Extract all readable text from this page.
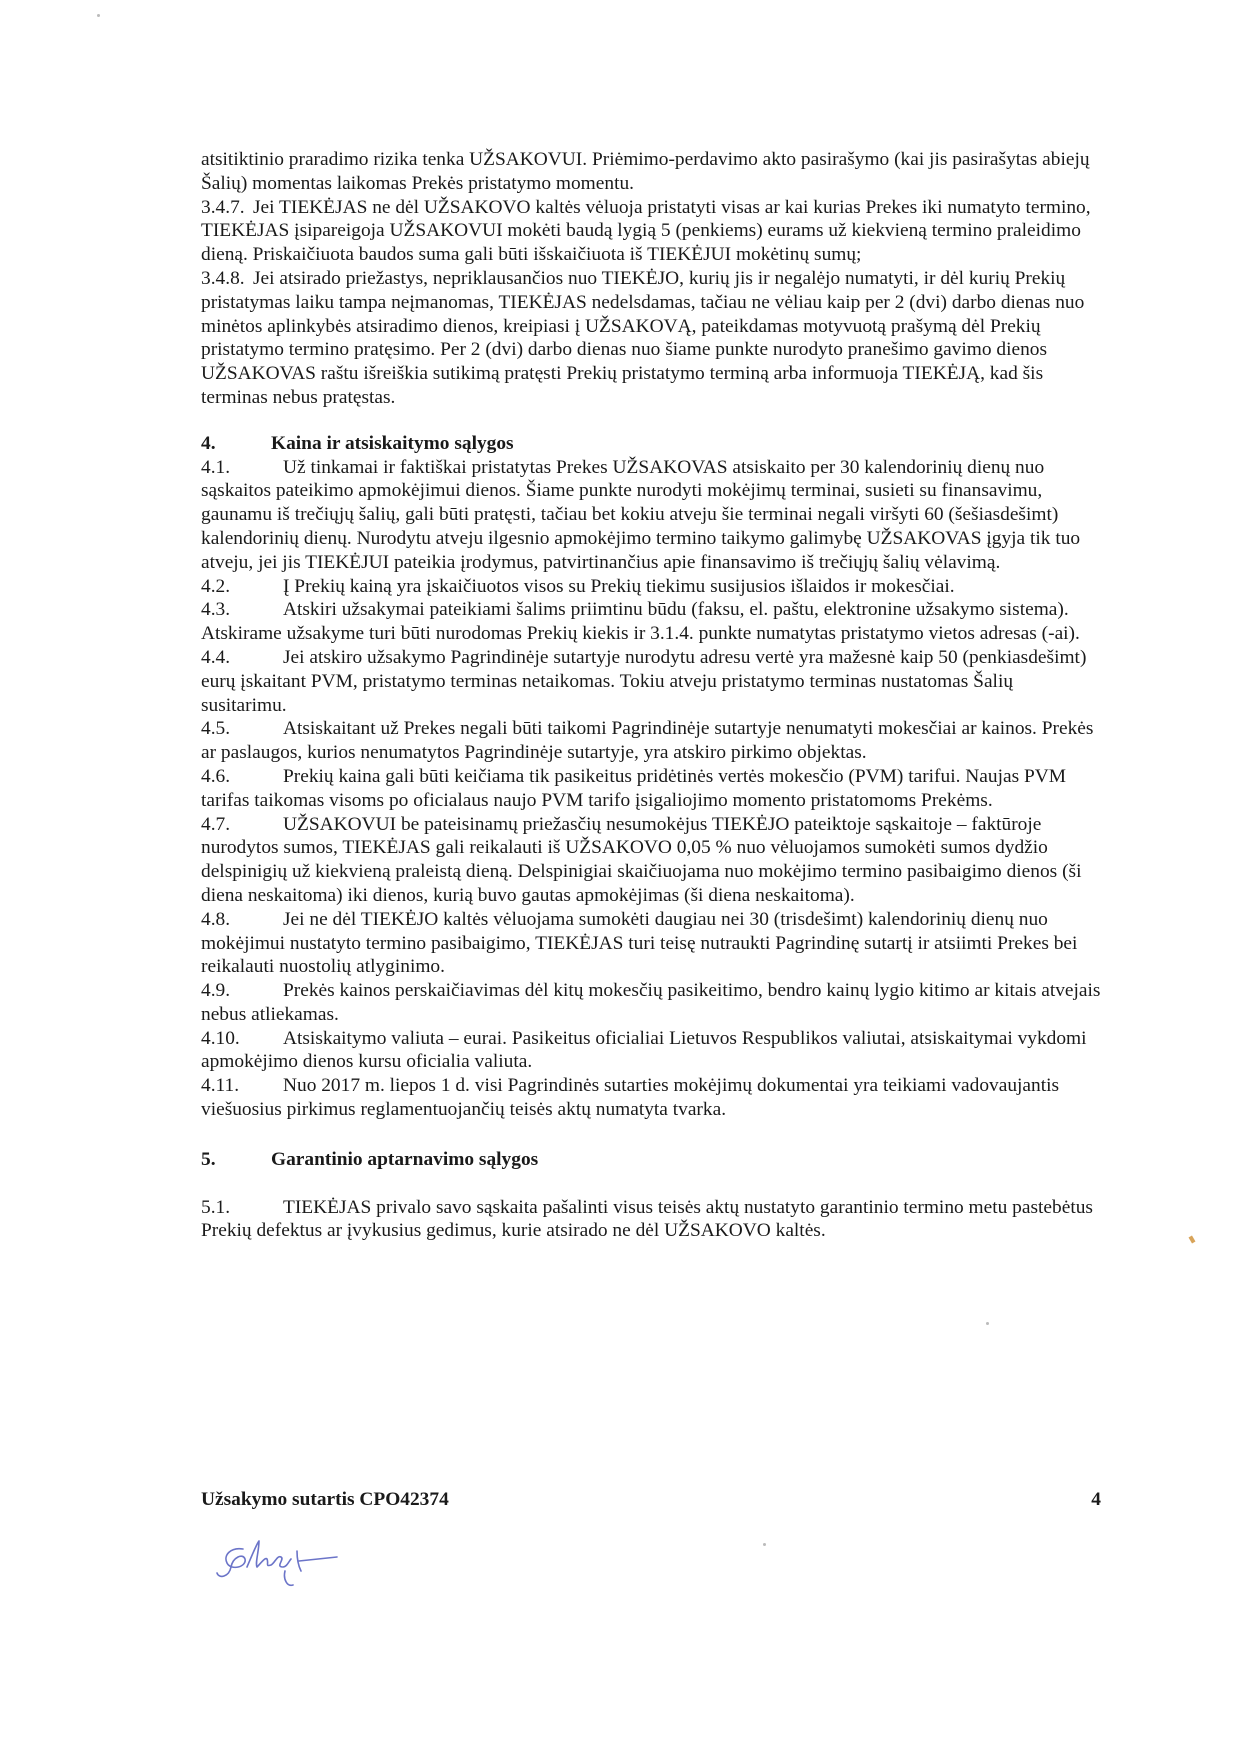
atsitiktinio praradimo rizika tenka UŽSAKOVUI. Priėmimo-perdavimo akto pasirašymo (kai jis pasirašytas abiejų Šalių) momentas laikomas Prekės pristatymo momentu.

3.4.7. Jei TIEKĖJAS ne dėl UŽSAKOVO kaltės vėluoja pristatyti visas ar kai kurias Prekes iki numatyto termino, TIEKĖJAS įsipareigoja UŽSAKOVUI mokėti baudą lygią 5 (penkiems) eurams už kiekvieną termino praleidimo dieną. Priskaičiuota baudos suma gali būti išskaičiuota iš TIEKĖJUI mokėtinų sumų;

3.4.8. Jei atsirado priežastys, nepriklausančios nuo TIEKĖJO, kurių jis ir negalėjo numatyti, ir dėl kurių Prekių pristatymas laiku tampa neįmanomas, TIEKĖJAS nedelsdamas, tačiau ne vėliau kaip per 2 (dvi) darbo dienas nuo minėtos aplinkybės atsiradimo dienos, kreipiasi į UŽSAKOVĄ, pateikdamas motyvuotą prašymą dėl Prekių pristatymo termino pratęsimo. Per 2 (dvi) darbo dienas nuo šiame punkte nurodyto pranešimo gavimo dienos UŽSAKOVAS raštu išreiškia sutikimą pratęsti Prekių pristatymo terminą arba informuoja TIEKĖJĄ, kad šis terminas nebus pratęstas.

4.	Kaina ir atsiskaitymo sąlygos

4.1.	Už tinkamai ir faktiškai pristatytas Prekes UŽSAKOVAS atsiskaito per 30 kalendorinių dienų nuo sąskaitos pateikimo apmokėjimui dienos. Šiame punkte nurodyti mokėjimų terminai, susieti su finansavimu, gaunamu iš trečiųjų šalių, gali būti pratęsti, tačiau bet kokiu atveju šie terminai negali viršyti 60 (šešiasdešimt) kalendorinių dienų. Nurodytu atveju ilgesnio apmokėjimo termino taikymo galimybę UŽSAKOVAS įgyja tik tuo atveju, jei jis TIEKĖJUI pateikia įrodymus, patvirtinančius apie finansavimo iš trečiųjų šalių vėlavimą.

4.2.	Į Prekių kainą yra įskaičiuotos visos su Prekių tiekimu susijusios išlaidos ir mokesčiai.

4.3.	Atskiri užsakymai pateikiami šalims priimtinu būdu (faksu, el. paštu, elektronine užsakymo sistema). Atskirame užsakyme turi būti nurodomas Prekių kiekis ir 3.1.4. punkte numatytas pristatymo vietos adresas (-ai).

4.4.	Jei atskiro užsakymo Pagrindinėje sutartyje nurodytu adresu vertė yra mažesnė kaip 50 (penkiasdešimt) eurų įskaitant PVM, pristatymo terminas netaikomas. Tokiu atveju pristatymo terminas nustatomas Šalių susitarimu.

4.5.	Atsiskaitant už Prekes negali būti taikomi Pagrindinėje sutartyje nenumatyti mokesčiai ar kainos. Prekės ar paslaugos, kurios nenumatytos Pagrindinėje sutartyje, yra atskiro pirkimo objektas.

4.6.	Prekių kaina gali būti keičiama tik pasikeitus pridėtinės vertės mokesčio (PVM) tarifui. Naujas PVM tarifas taikomas visoms po oficialaus naujo PVM tarifo įsigaliojimo momento pristatomoms Prekėms.

4.7.	UŽSAKOVUI be pateisinamų priežasčių nesumokėjus TIEKĖJO pateiktoje sąskaitoje – faktūroje nurodytos sumos, TIEKĖJAS gali reikalauti iš UŽSAKOVO 0,05 % nuo vėluojamos sumokėti sumos dydžio delspinigių už kiekvieną praleistą dieną. Delspinigiai skaičiuojama nuo mokėjimo termino pasibaigimo dienos (ši diena neskaitoma) iki dienos, kurią buvo gautas apmokėjimas (ši diena neskaitoma).

4.8.	Jei ne dėl TIEKĖJO kaltės vėluojama sumokėti daugiau nei 30 (trisdešimt) kalendorinių dienų nuo mokėjimui nustatyto termino pasibaigimo, TIEKĖJAS turi teisę nutraukti Pagrindinę sutartį ir atsiimti Prekes bei reikalauti nuostolių atlyginimo.

4.9.	Prekės kainos perskaičiavimas dėl kitų mokesčių pasikeitimo, bendro kainų lygio kitimo ar kitais atvejais nebus atliekamas.

4.10. Atsiskaitymo valiuta – eurai. Pasikeitus oficialiai Lietuvos Respublikos valiutai, atsiskaitymai vykdomi apmokėjimo dienos kursu oficialia valiuta.

4.11. Nuo 2017 m. liepos 1 d. visi Pagrindinės sutarties mokėjimų dokumentai yra teikiami vadovaujantis viešuosius pirkimus reglamentuojančių teisės aktų numatyta tvarka.

5.	Garantinio aptarnavimo sąlygos

5.1.	TIEKĖJAS privalo savo sąskaita pašalinti visus teisės aktų nustatyto garantinio termino metu pastebėtus Prekių defektus ar įvykusius gedimus, kurie atsirado ne dėl UŽSAKOVO kaltės.

Užsakymo sutartis CPO42374	4
